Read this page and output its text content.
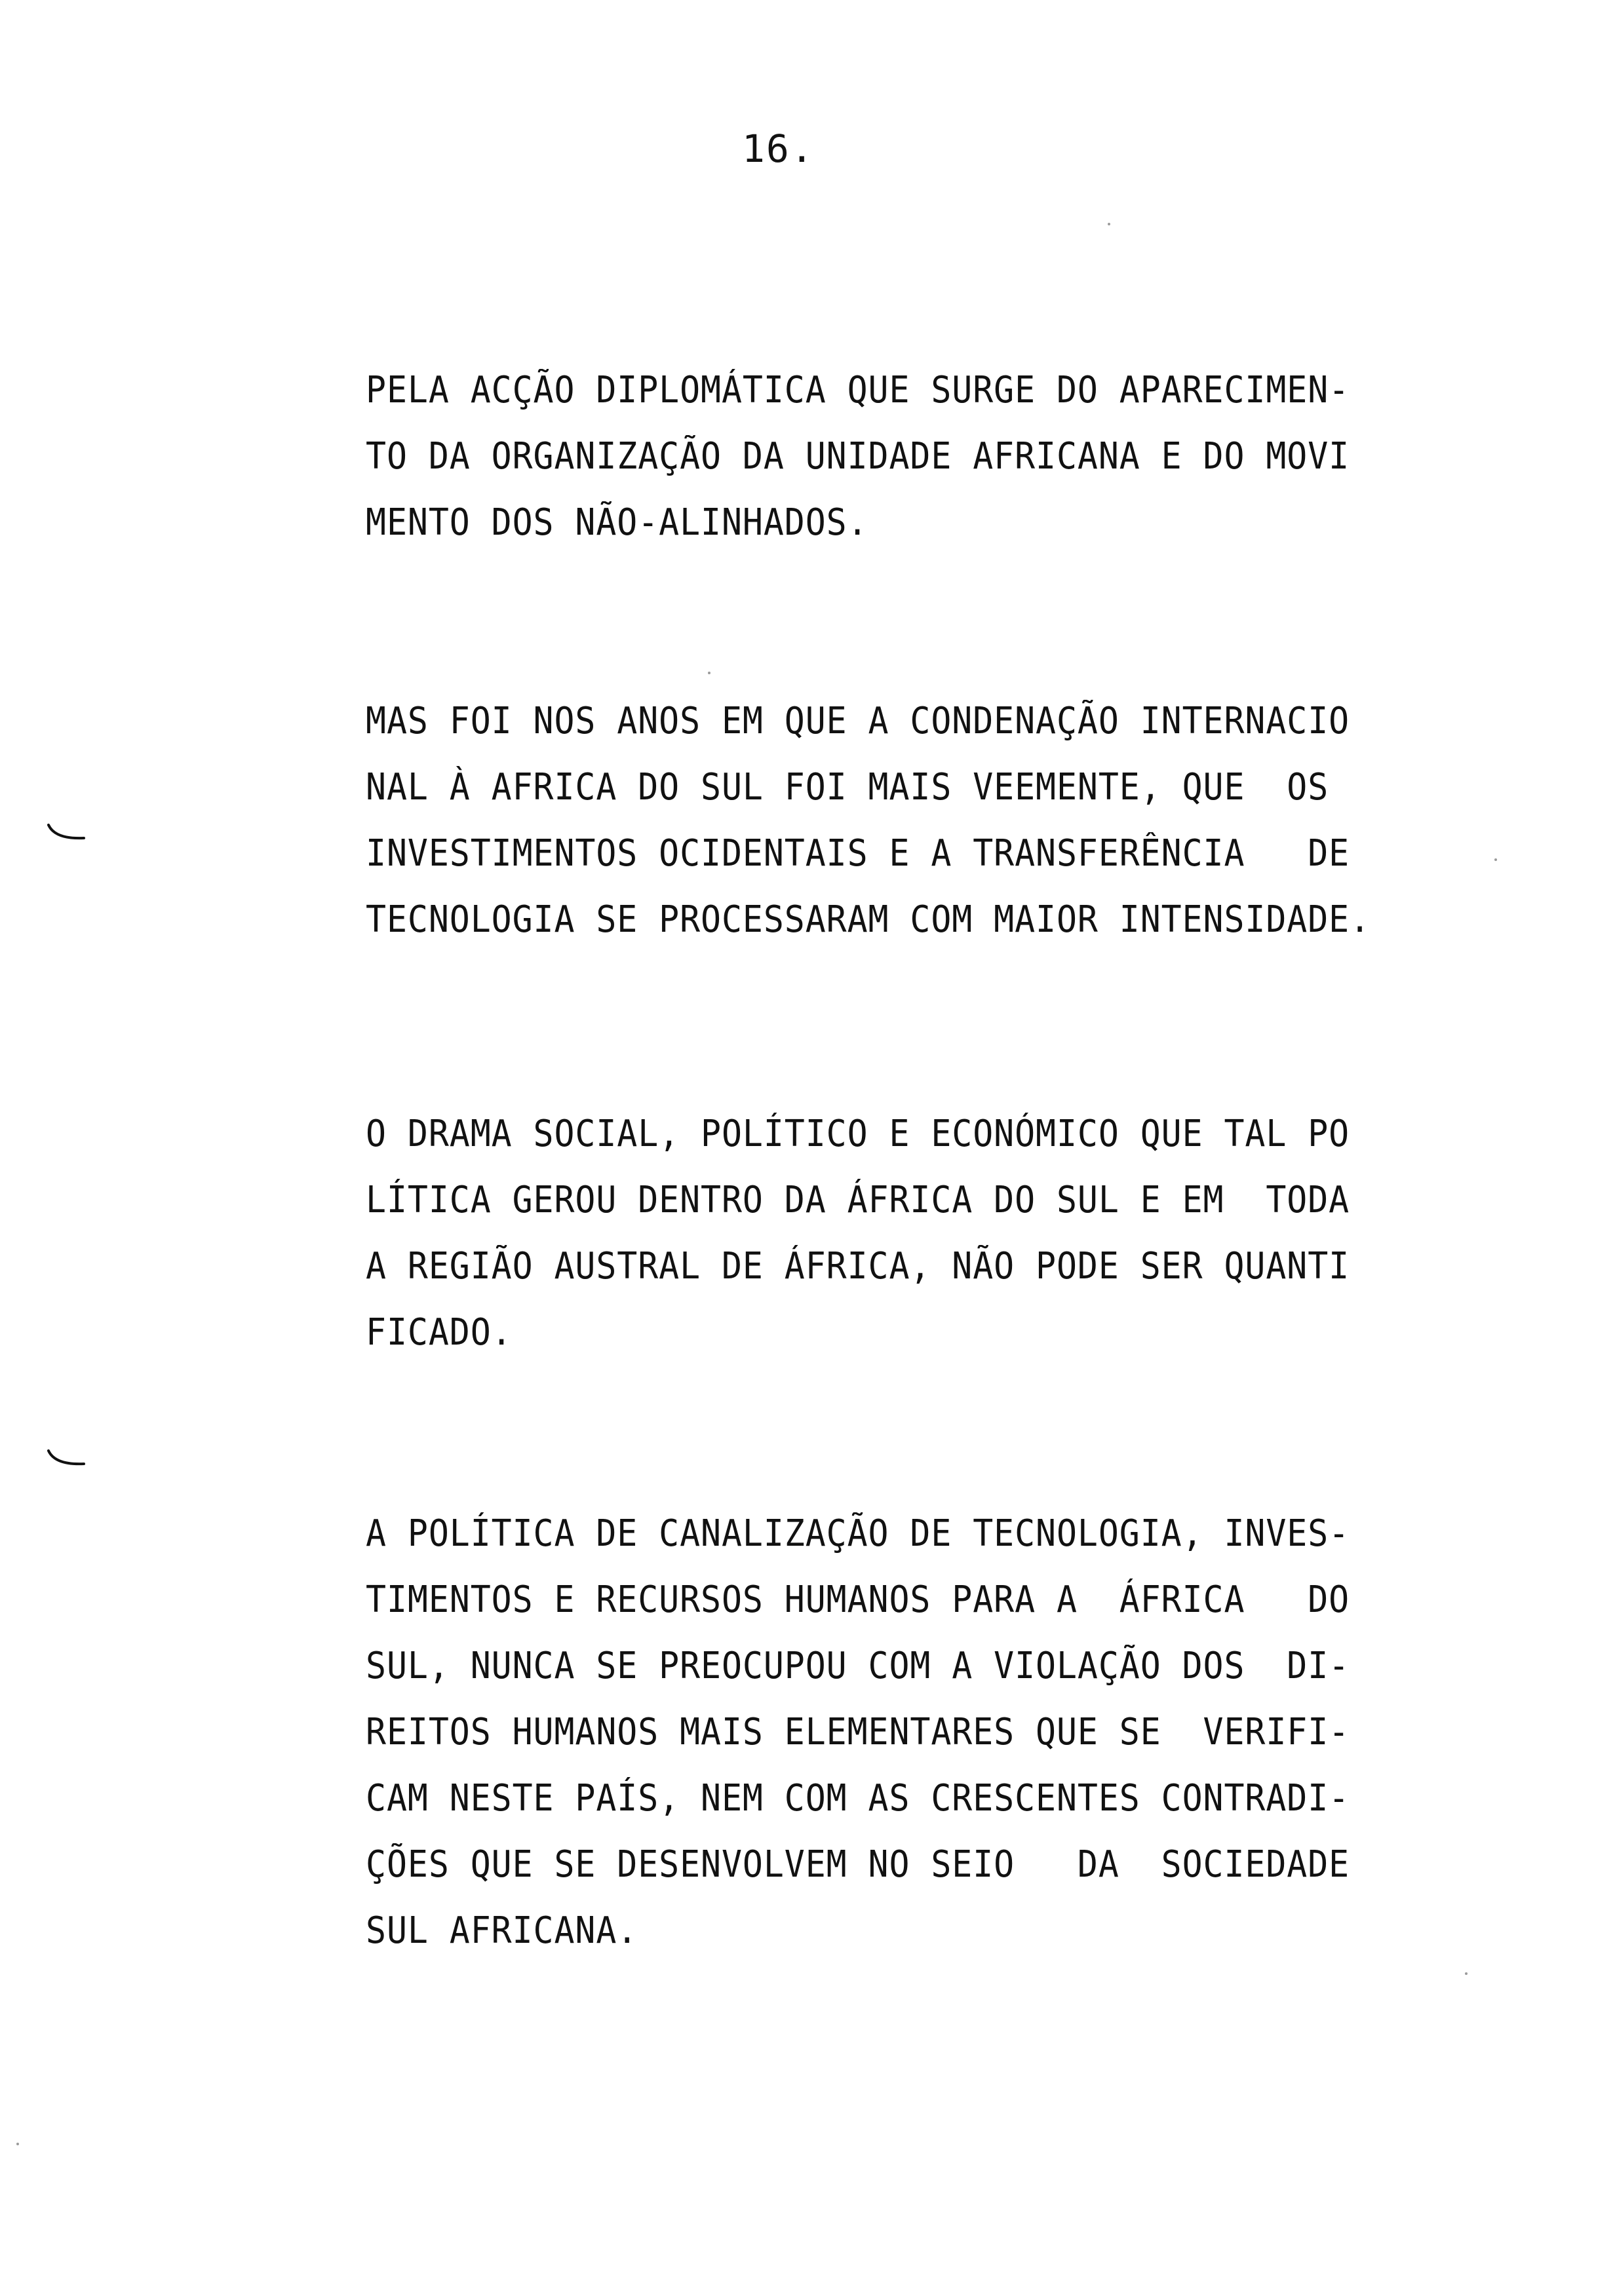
16.
PELA ACÇÃO DIPLOMÁTICA QUE SURGE DO APARECIMEN-
TO DA ORGANIZAÇÃO DA UNIDADE AFRICANA E DO MOVI
MENTO DOS NÃO-ALINHADOS.
MAS FOI NOS ANOS EM QUE A CONDENAÇÃO INTERNACIO
NAL À AFRICA DO SUL FOI MAIS VEEMENTE, QUE  OS
INVESTIMENTOS OCIDENTAIS E A TRANSFERÊNCIA   DE
TECNOLOGIA SE PROCESSARAM COM MAIOR INTENSIDADE.
O DRAMA SOCIAL, POLÍTICO E ECONÓMICO QUE TAL PO
LÍTICA GEROU DENTRO DA ÁFRICA DO SUL E EM  TODA
A REGIÃO AUSTRAL DE ÁFRICA, NÃO PODE SER QUANTI
FICADO.
A POLÍTICA DE CANALIZAÇÃO DE TECNOLOGIA, INVES-
TIMENTOS E RECURSOS HUMANOS PARA A  ÁFRICA   DO
SUL, NUNCA SE PREOCUPOU COM A VIOLAÇÃO DOS  DI-
REITOS HUMANOS MAIS ELEMENTARES QUE SE  VERIFI-
CAM NESTE PAÍS, NEM COM AS CRESCENTES CONTRADI-
ÇÕES QUE SE DESENVOLVEM NO SEIO   DA  SOCIEDADE
SUL AFRICANA.
